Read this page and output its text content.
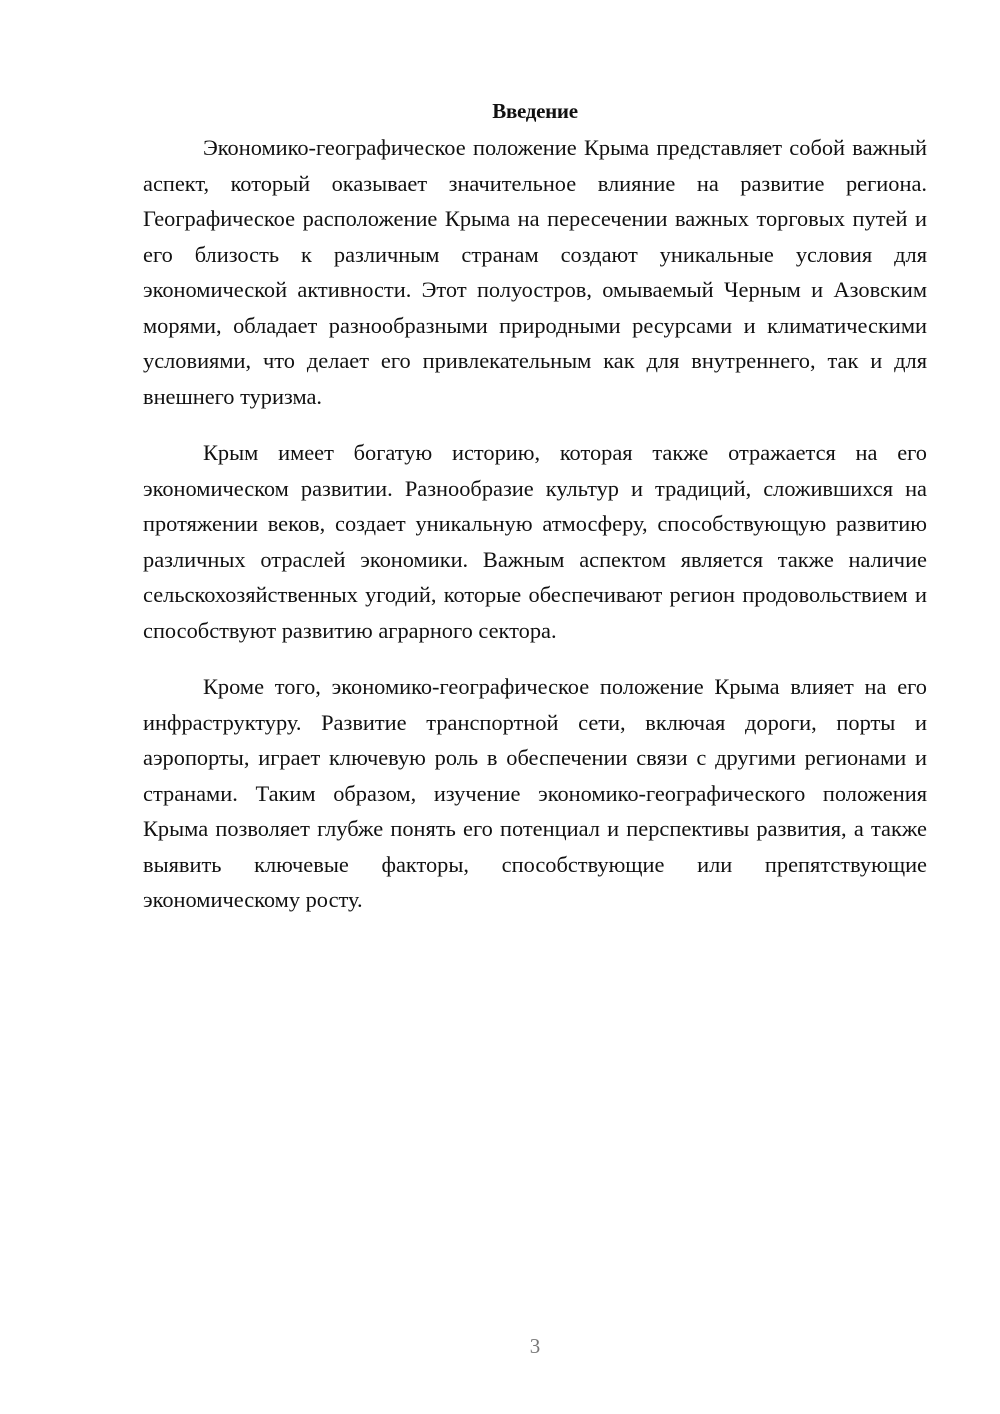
Введение

Экономико-географическое положение Крыма представляет собой важный аспект, который оказывает значительное влияние на развитие региона. Географическое расположение Крыма на пересечении важных торговых путей и его близость к различным странам создают уникальные условия для экономической активности. Этот полуостров, омываемый Черным и Азовским морями, обладает разнообразными природными ресурсами и климатическими условиями, что делает его привлекательным как для внутреннего, так и для внешнего туризма.

Крым имеет богатую историю, которая также отражается на его экономическом развитии. Разнообразие культур и традиций, сложившихся на протяжении веков, создает уникальную атмосферу, способствующую развитию различных отраслей экономики. Важным аспектом является также наличие сельскохозяйственных угодий, которые обеспечивают регион продовольствием и способствуют развитию аграрного сектора.

Кроме того, экономико-географическое положение Крыма влияет на его инфраструктуру. Развитие транспортной сети, включая дороги, порты и аэропорты, играет ключевую роль в обеспечении связи с другими регионами и странами. Таким образом, изучение экономико-географического положения Крыма позволяет глубже понять его потенциал и перспективы развития, а также выявить ключевые факторы, способствующие или препятствующие экономическому росту.

3
